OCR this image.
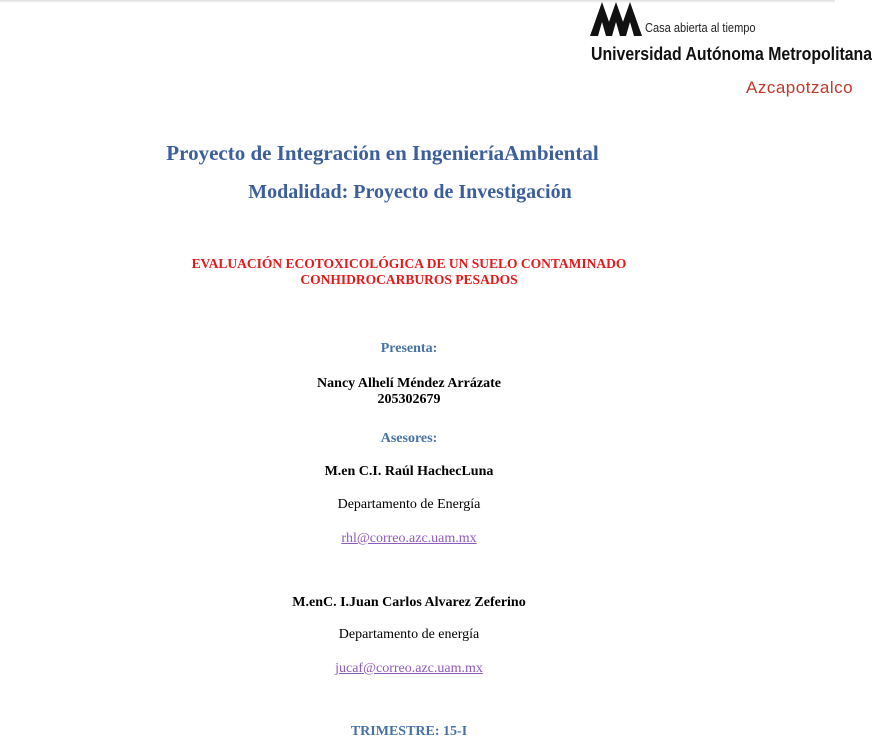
Casa abierta al tiempo
Universidad Autónoma Metropolitana
Azcapotzalco
Proyecto de Integración en IngenieríaAmbiental
Modalidad: Proyecto de Investigación
EVALUACIÓN ECOTOXICOLÓGICA DE UN SUELO CONTAMINADO
CONHIDROCARBUROS PESADOS
Presenta:
Nancy Alhelí Méndez Arrázate
205302679
Asesores:
M.en C.I. Raúl HachecLuna
Departamento de Energía
rhl@correo.azc.uam.mx
M.enC. I.Juan Carlos Alvarez Zeferino
Departamento de energía
jucaf@correo.azc.uam.mx
TRIMESTRE: 15-I
